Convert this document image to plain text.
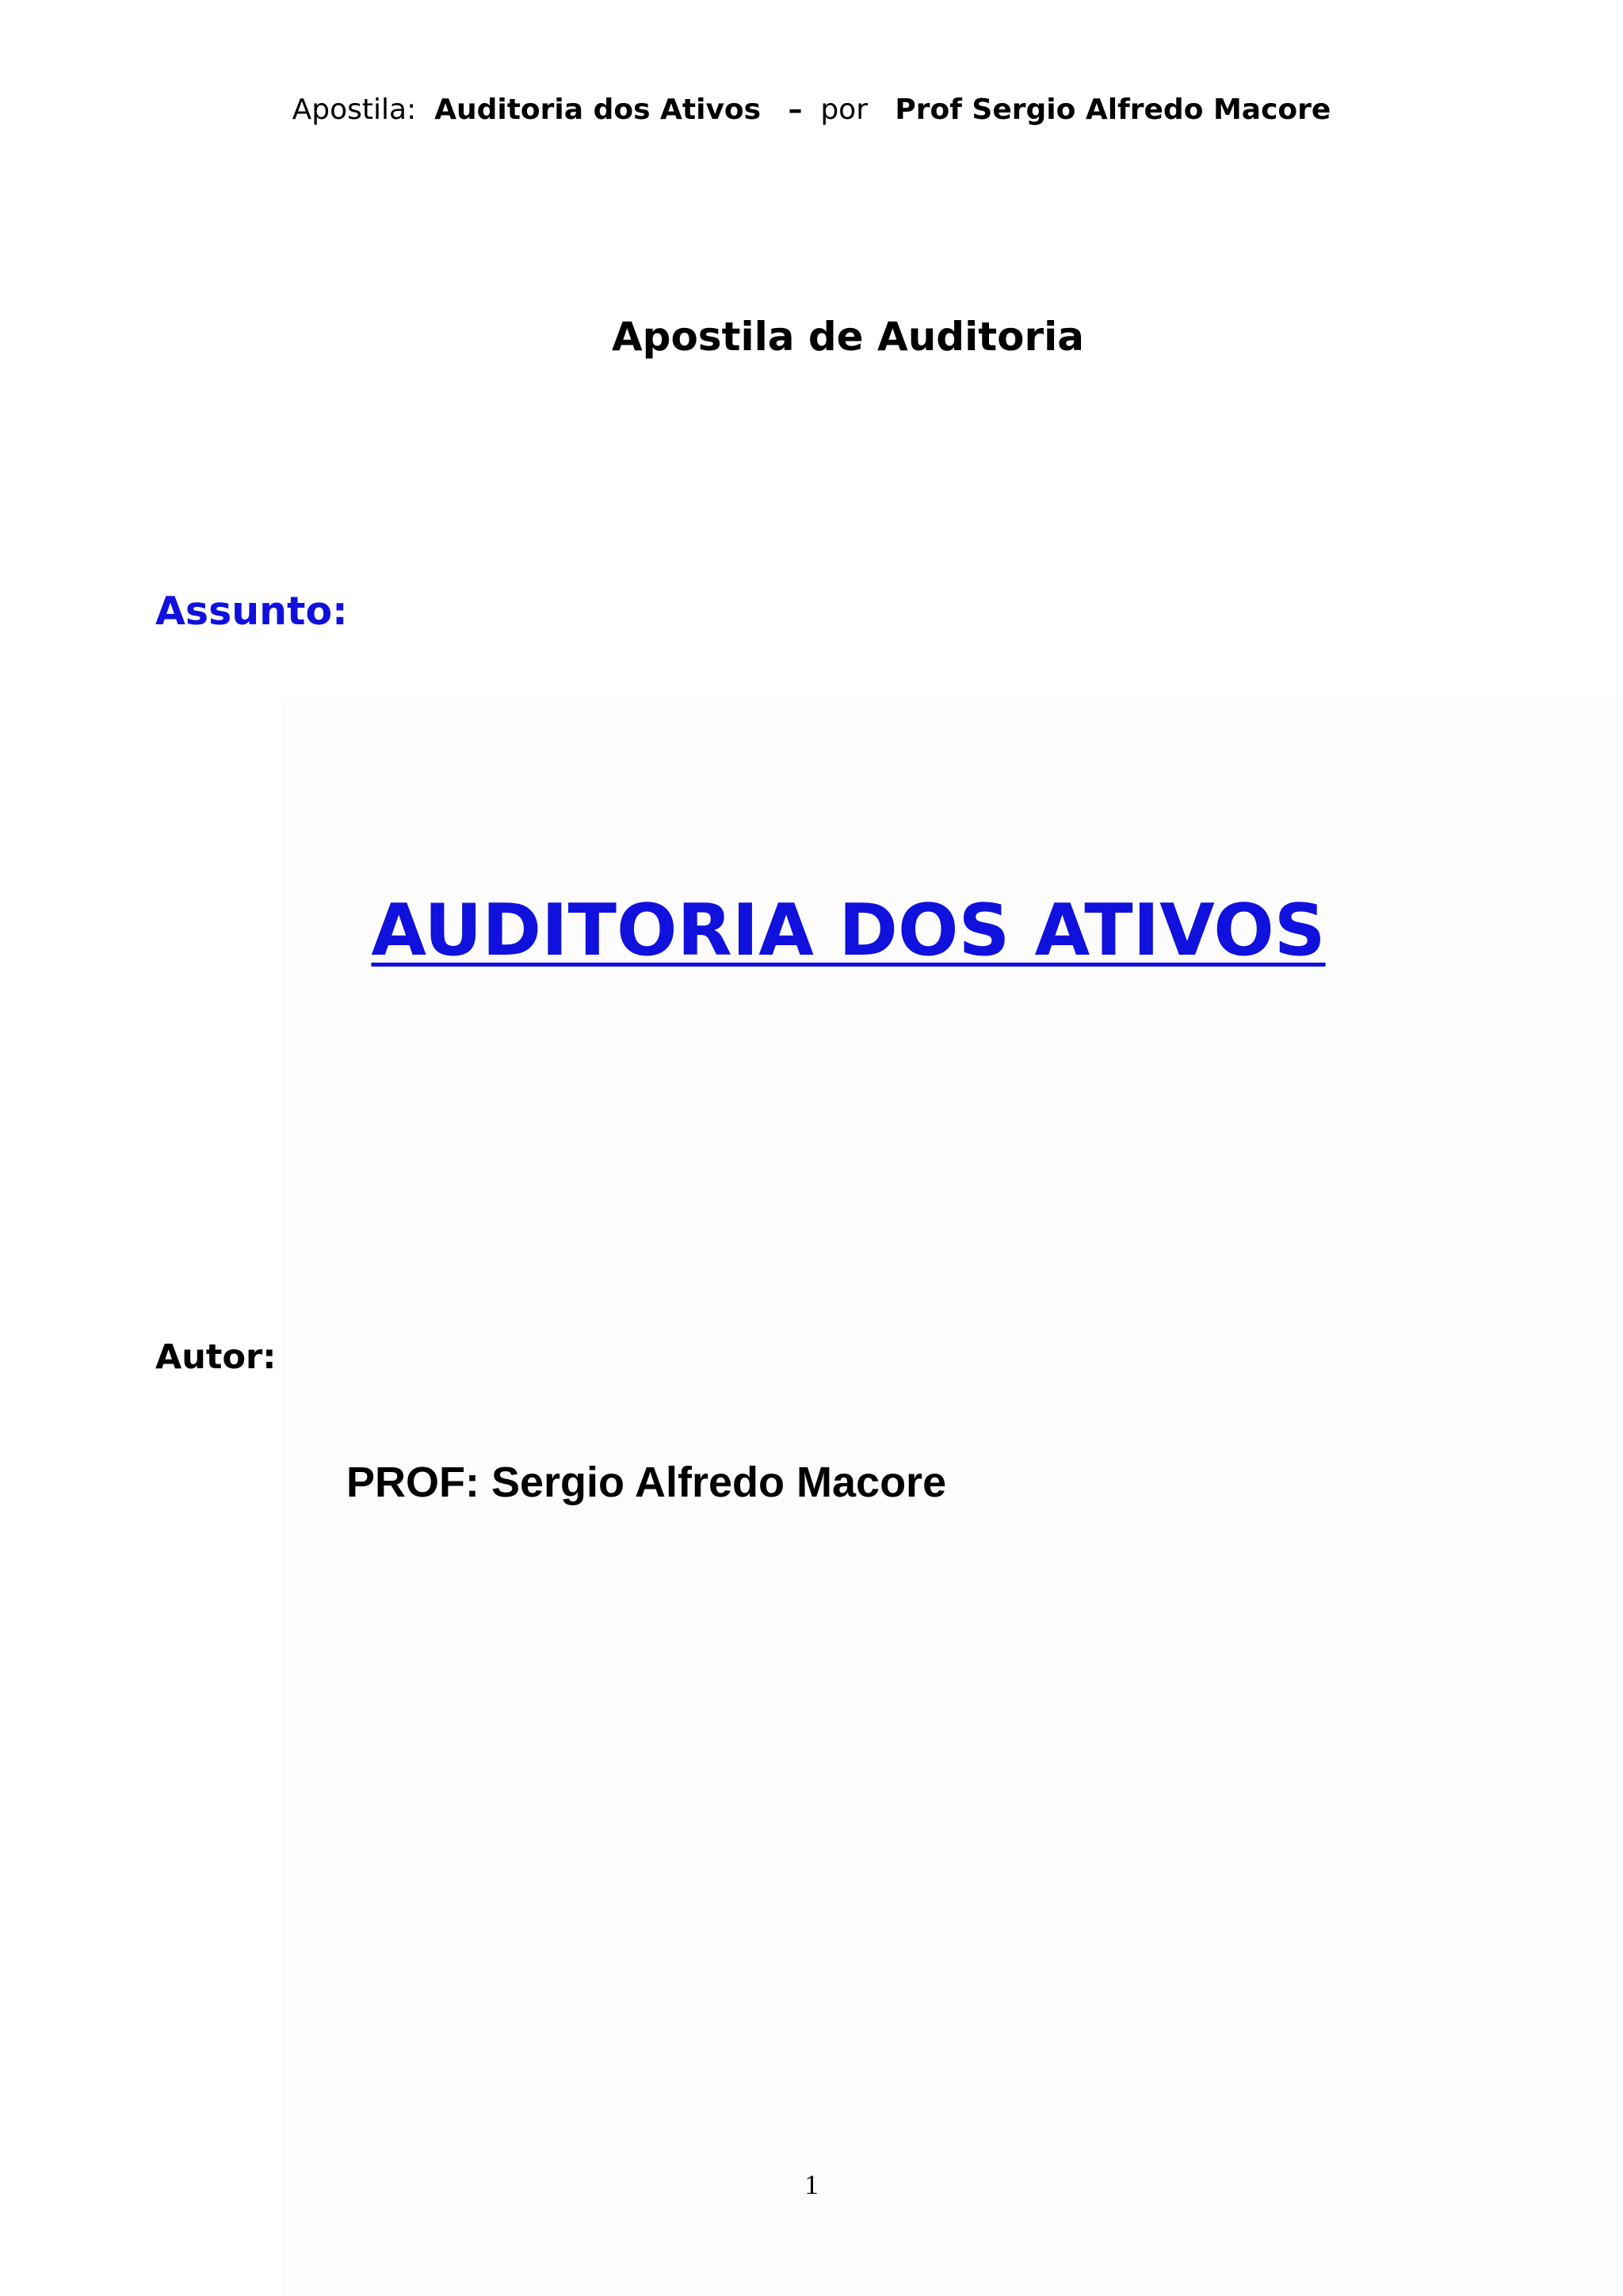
Apostila: Auditoria dos Ativos – por Prof Sergio Alfredo Macore
Apostila de Auditoria
Assunto:
AUDITORIA DOS ATIVOS
Autor:
PROF: Sergio Alfredo Macore
1
